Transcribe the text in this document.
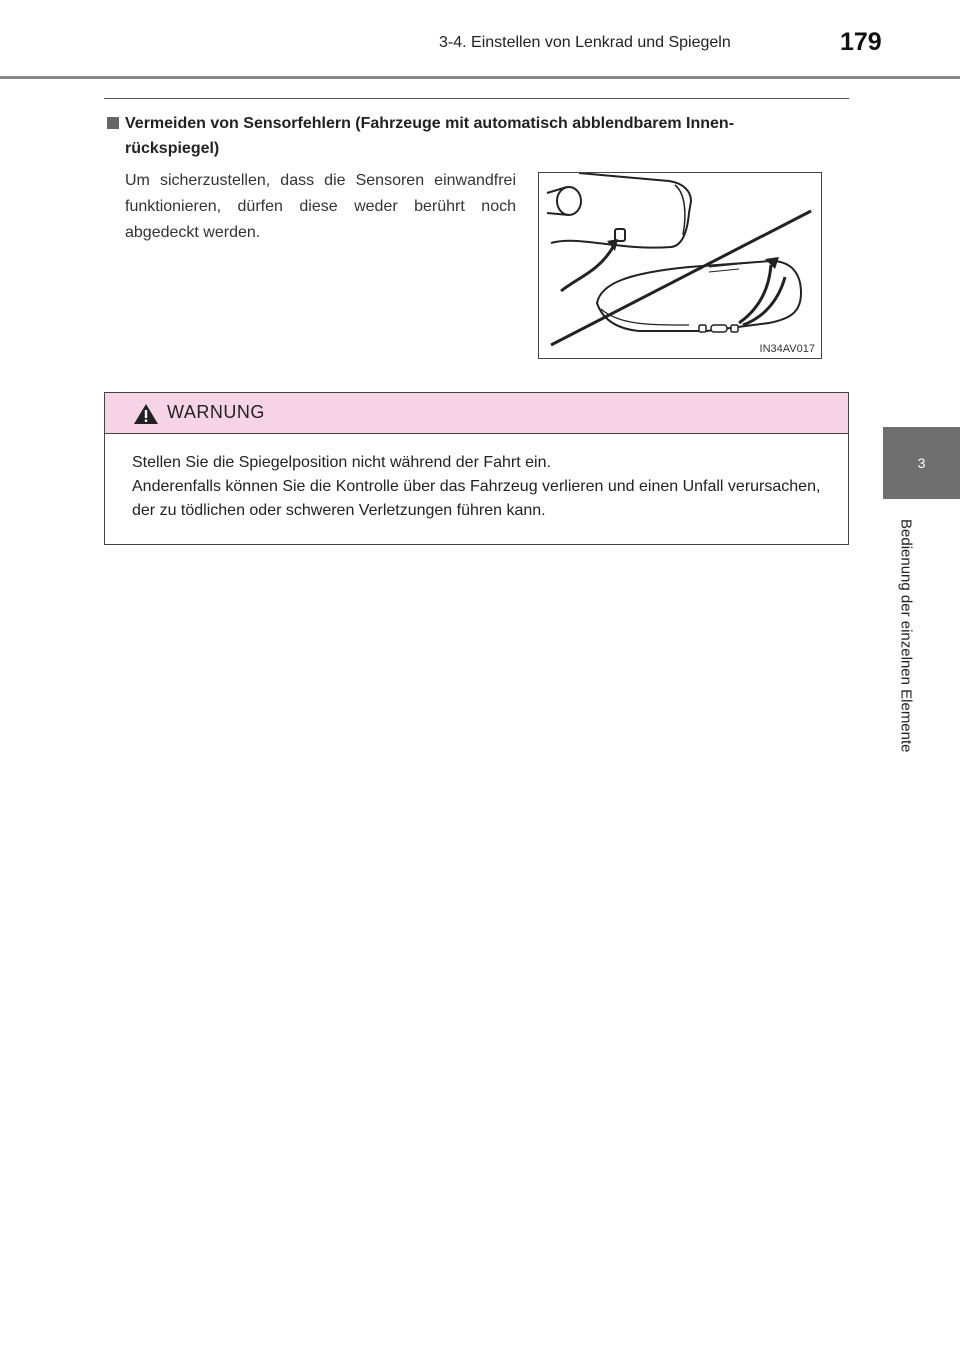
3-4. Einstellen von Lenkrad und Spiegeln	179
3
Bedienung der einzelnen Elemente
Vermeiden von Sensorfehlern (Fahrzeuge mit automatisch abblendbarem Innen-
rückspiegel)
Um sicherzustellen, dass die Sensoren einwandfrei funktionieren, dürfen diese weder berührt noch abgedeckt werden.
IN34AV017
WARNUNG
Stellen Sie die Spiegelposition nicht während der Fahrt ein.
Anderenfalls können Sie die Kontrolle über das Fahrzeug verlieren und einen Unfall verursachen, der zu tödlichen oder schweren Verletzungen führen kann.
